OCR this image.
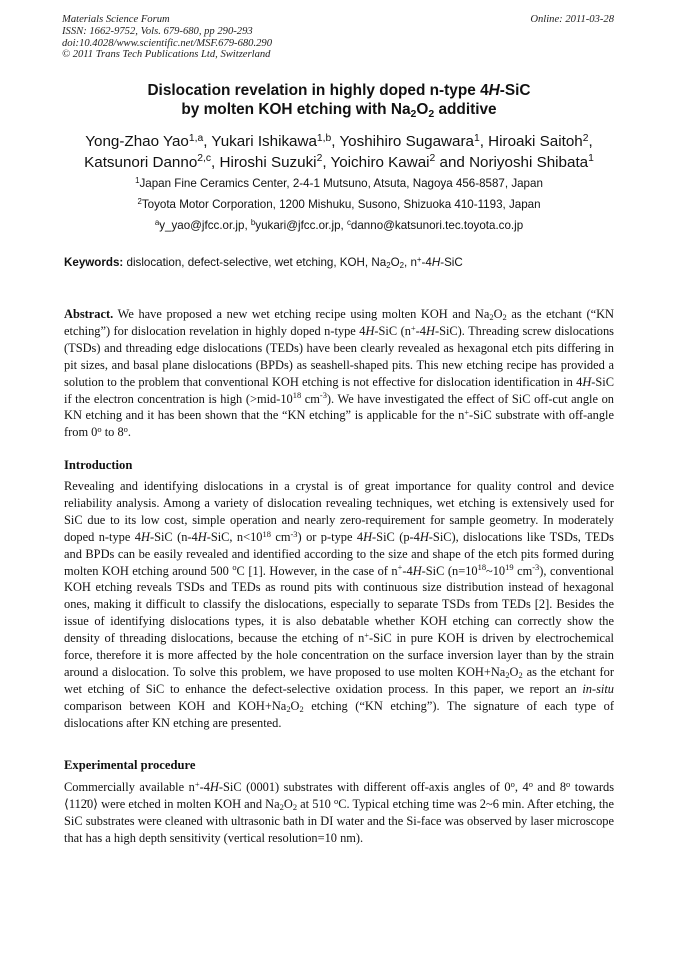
Materials Science Forum
ISSN: 1662-9752, Vols. 679-680, pp 290-293
doi:10.4028/www.scientific.net/MSF.679-680.290
© 2011 Trans Tech Publications Ltd, Switzerland
Online: 2011-03-28
Dislocation revelation in highly doped n-type 4H-SiC
by molten KOH etching with $Na_2O_2$ additive
Yong-Zhao Yao$^{1,a}$, Yukari Ishikawa$^{1,b}$, Yoshihiro Sugawara$^1$, Hiroaki Saitoh$^2$,
Katsunori Danno$^{2,c}$, Hiroshi Suzuki$^2$, Yoichiro Kawai$^2$ and Noriyoshi Shibata$^1$
$^1$Japan Fine Ceramics Center, 2-4-1 Mutsuno, Atsuta, Nagoya 456-8587, Japan
$^2$Toyota Motor Corporation, 1200 Mishuku, Susono, Shizuoka 410-1193, Japan
$^a$y_yao@jfcc.or.jp, $^b$yukari@jfcc.or.jp, $^c$danno@katsunori.tec.toyota.co.jp
Keywords: dislocation, defect-selective, wet etching, KOH, $Na_2O_2$, n+-4H-SiC
Abstract. We have proposed a new wet etching recipe using molten KOH and $Na_2O_2$ as the etchant (“KN etching”) for dislocation revelation in highly doped n-type 4H-SiC (n+-4H-SiC). Threading screw dislocations (TSDs) and threading edge dislocations (TEDs) have been clearly revealed as hexagonal etch pits differing in pit sizes, and basal plane dislocations (BPDs) as seashell-shaped pits. This new etching recipe has provided a solution to the problem that conventional KOH etching is not effective for dislocation identification in 4H-SiC if the electron concentration is high ($>mid-10^{18}$ $cm^{-3}$). We have investigated the effect of SiC off-cut angle on KN etching and it has been shown that the “KN etching” is applicable for the n+-SiC substrate with off-angle from 0$^o$ to 8$^o$.
Introduction
Revealing and identifying dislocations in a crystal is of great importance for quality control and device reliability analysis. Among a variety of dislocation revealing techniques, wet etching is extensively used for SiC due to its low cost, simple operation and nearly zero-requirement for sample geometry. In moderately doped n-type 4H-SiC (n-4H-SiC, $n<10^{18}$ $cm^{-3}$) or p-type 4H-SiC (p-4H-SiC), dislocations like TSDs, TEDs and BPDs can be easily revealed and identified according to the size and shape of the etch pits formed during molten KOH etching around 500 $^o$C [1]. However, in the case of n+-4H-SiC ($n=10^{18}\sim 10^{19}$ $cm^{-3}$), conventional KOH etching reveals TSDs and TEDs as round pits with continuous size distribution instead of hexagonal ones, making it difficult to classify the dislocations, especially to separate TSDs from TEDs [2]. Besides the issue of identifying dislocations types, it is also debatable whether KOH etching can correctly show the density of threading dislocations, because the etching of n+-SiC in pure KOH is driven by electrochemical force, therefore it is more affected by the hole concentration on the surface inversion layer than by the strain around a dislocation. To solve this problem, we have proposed to use molten $KOH+Na_2O_2$ as the etchant for wet etching of SiC to enhance the defect-selective oxidation process. In this paper, we report an in-situ comparison between KOH and $KOH+Na_2O_2$ etching (“KN etching”). The signature of each type of dislocations after KN etching are presented.
Experimental procedure
Commercially available n+-4H-SiC (0001) substrates with different off-axis angles of 0$^o$, 4$^o$ and 8$^o$ towards ⟨112̄0⟩ were etched in molten KOH and $Na_2O_2$ at 510 $^o$C. Typical etching time was 2~6 min. After etching, the SiC substrates were cleaned with ultrasonic bath in DI water and the Si-face was observed by laser microscope that has a high depth sensitivity (vertical resolution=10 nm).
